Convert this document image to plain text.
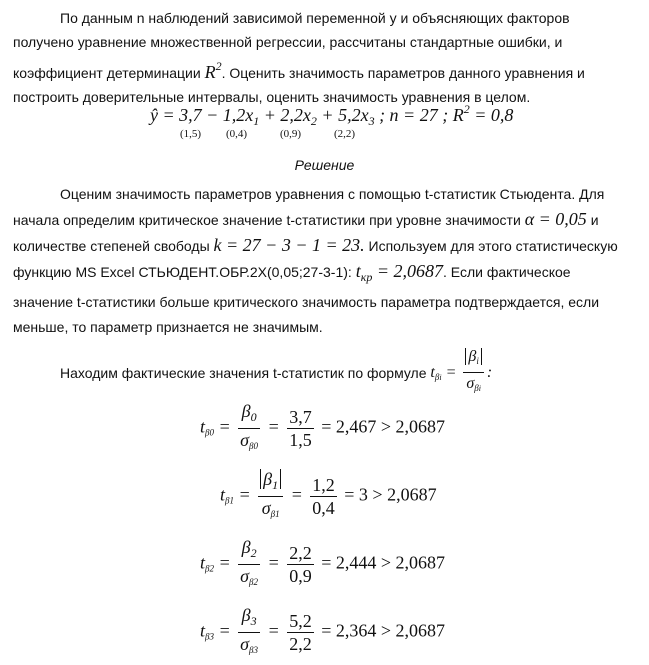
По данным n наблюдений зависимой переменной y и объясняющих факторов получено уравнение множественной регрессии, рассчитаны стандартные ошибки, и коэффициент детерминации $R^2$. Оценить значимость параметров данного уравнения и построить доверительные интервалы, оценить значимость уравнения в целом.

ŷ = $3,7 - 1,2x_1 + 2,2x_2 + 5,2x_3$ ; n = 27 ; $R^2 = 0,8$
(1,5) (0,4)	(0,9)	(2,2)
Решение

Оценим значимость параметров уравнения с помощью t-статистик Стьюдента. Для начала определим критическое значение t-статистики при уровне значимости α = 0,05 и количестве степеней свободы k = 27 − 3 − 1 = 23. Используем для этого статистическую функцию MS Excel СТЬЮДЕНТ.ОБР.2Х(0,05;27-3-1): $t_{кр} = 2,0687$. Если фактическое значение t-статистики больше критического значимость параметра подтверждается, если меньше, то параметр признается не значимым.

Находим фактические значения t-статистик по формуле $t\beta i = \frac{\beta i}{\text{σβi}}$ :
$t\beta 0 = \frac{\beta_0}{\sigma\beta 0} = \frac{3,7}{1,5} = 2,467 > 2,0687$
$t\beta 1 = \frac{\beta_1}{\sigma\beta 1} = \frac{1,2}{0,4} = 3 > 2,0687$
$t\beta 2 = \frac{\beta_2}{\sigma\beta 2} = \frac{2,2}{0,9} = 2,444 > 2,0687$
$t\beta 3 = \frac{\beta_3}{\sigma\beta 3} = \frac{5,2}{2,2} = 2,364 > 2,0687$
